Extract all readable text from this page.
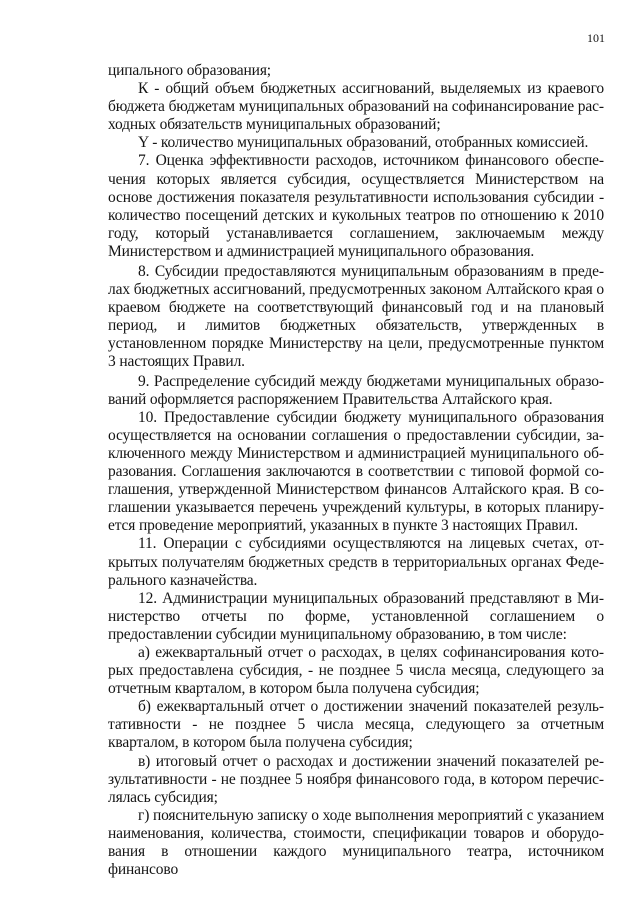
101

ципального образования;

К - общий объем бюджетных ассигнований, выделяемых из краевого бюджета бюджетам муниципальных образований на софинансирование расходных обязательств муниципальных образований;

Y - количество муниципальных образований, отобранных комиссией.

7. Оценка эффективности расходов, источником финансового обеспечения которых является субсидия, осуществляется Министерством на основе достижения показателя результативности использования субсидии - количество посещений детских и кукольных театров по отношению к 2010 году, который устанавливается соглашением, заключаемым между Министерством и администрацией муниципального образования.

8. Субсидии предоставляются муниципальным образованиям в пределах бюджетных ассигнований, предусмотренных законом Алтайского края о краевом бюджете на соответствующий финансовый год и на плановый период, и лимитов бюджетных обязательств, утвержденных в установленном порядке Министерству на цели, предусмотренные пунктом 3 настоящих Правил.

9. Распределение субсидий между бюджетами муниципальных образований оформляется распоряжением Правительства Алтайского края.

10. Предоставление субсидии бюджету муниципального образования осуществляется на основании соглашения о предоставлении субсидии, заключенного между Министерством и администрацией муниципального образования. Соглашения заключаются в соответствии с типовой формой соглашения, утвержденной Министерством финансов Алтайского края. В соглашении указывается перечень учреждений культуры, в которых планируется проведение мероприятий, указанных в пункте 3 настоящих Правил.

11. Операции с субсидиями осуществляются на лицевых счетах, открытых получателям бюджетных средств в территориальных органах Федерального казначейства.

12. Администрации муниципальных образований представляют в Министерство отчеты по форме, установленной соглашением о предоставлении субсидии муниципальному образованию, в том числе:

а) ежеквартальный отчет о расходах, в целях софинансирования которых предоставлена субсидия, - не позднее 5 числа месяца, следующего за отчетным кварталом, в котором была получена субсидия;

б) ежеквартальный отчет о достижении значений показателей результативности - не позднее 5 числа месяца, следующего за отчетным кварталом, в котором была получена субсидия;

в) итоговый отчет о расходах и достижении значений показателей результативности - не позднее 5 ноября финансового года, в котором перечислялась субсидия;

г) пояснительную записку о ходе выполнения мероприятий с указанием наименования, количества, стоимости, спецификации товаров и оборудования в отношении каждого муниципального театра, источником финансово
